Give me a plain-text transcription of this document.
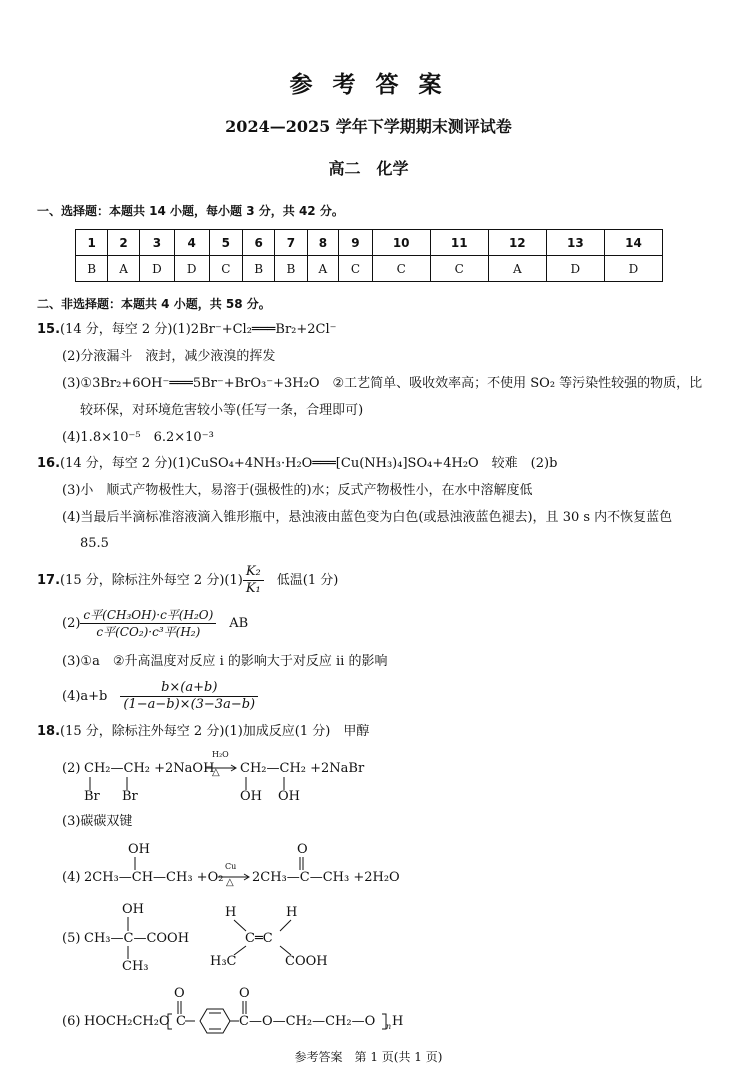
参 考 答 案
2024—2025 学年下学期期末测评试卷
高二　化学
一、选择题：本题共 14 小题，每小题 3 分，共 42 分。
1	2	3	4	5	6	7	8	9	10	11	12	13	14
B	A	D	D	C	B	B	A	C	C	C	A	D	D
二、非选择题：本题共 4 小题，共 58 分。
15.(14 分，每空 2 分)(1)2Br⁻+Cl₂═══Br₂+2Cl⁻
(2)分液漏斗　液封，减少液溴的挥发
(3)①3Br₂+6OH⁻═══5Br⁻+BrO₃⁻+3H₂O　②工艺简单、吸收效率高；不使用 SO₂ 等污染性较强的物质，比
较环保，对环境危害较小等(任写一条，合理即可)
(4)1.8×10⁻⁵　6.2×10⁻³
16.(14 分，每空 2 分)(1)CuSO₄+4NH₃·H₂O═══[Cu(NH₃)₄]SO₄+4H₂O　较难　(2)b
(3)小　顺式产物极性大，易溶于(强极性的)水；反式产物极性小，在水中溶解度低
(4)当最后半滴标准溶液滴入锥形瓶中，悬浊液由蓝色变为白色(或悬浊液蓝色褪去)，且 30 s 内不恢复蓝色
85.5
17.(15 分，除标注外每空 2 分)$(1) \frac{\text{K₂}}{\text{K₁}}$
　 低温(1 分)
$(2) \frac{\text{c平(CH₃OH)·c平(H₂O)}}{\text{c平(CO₂)·c³平(H₂)}}$
　 AB
(3)①a　②升高温度对反应 ⅰ 的影响大于对反应 ⅱ 的影响
(4)a+b　 $\frac{b\times(a+b)}{(1-a-b)\times(3-3a-b)}$
18.(15 分，除标注外每空 2 分)(1)加成反应(1 分)　甲醇
(2) CH₂—CH₂ +2NaOH
H₂O
△ CH₂—CH₂ +2NaBr
Br Br	OH OH
(3)碳碳双键
OH
(4) 2CH₃—CH—CH₃ +O₂
Cu
△ 2CH₃—C—CH₃ +2H₂O
O
OH
(5) CH₃—C—COOH
CH₃
H	H
C═C
H₃C	COOH
(6) HOCH₂CH₂O C	C—O—CH₂—CH₂—O n H
O	O
参考答案　第 1 页(共 1 页)
